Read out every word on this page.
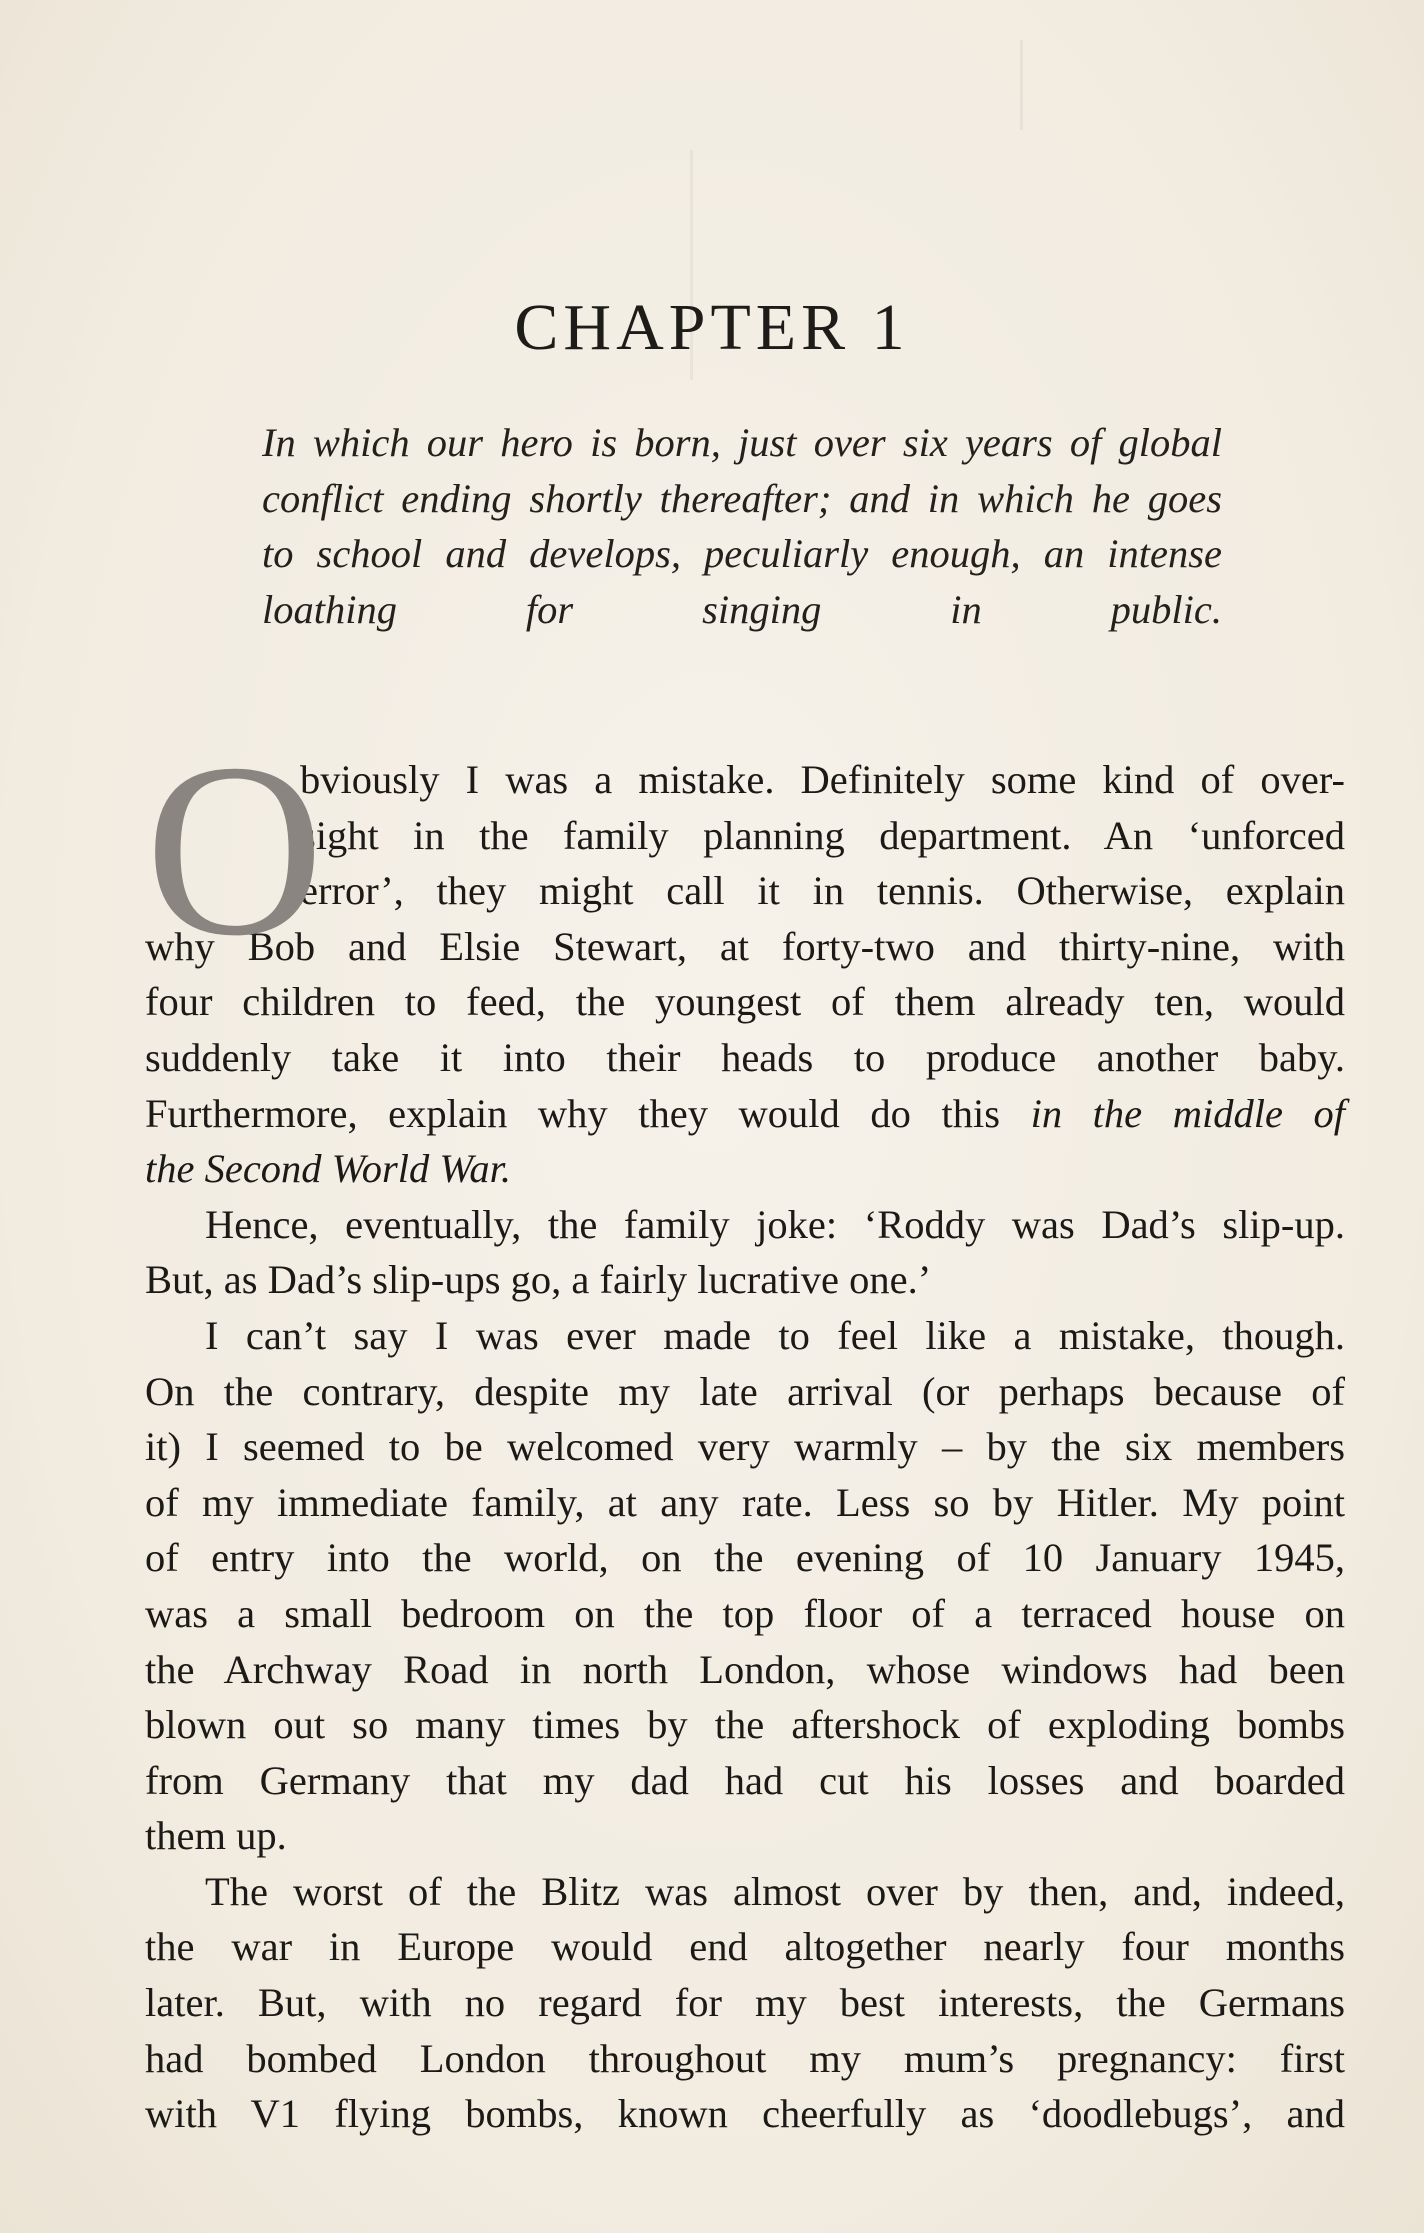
CHAPTER 1
In which our hero is born, just over six years of global
conflict ending shortly thereafter; and in which he goes
to school and develops, peculiarly enough, an intense
loathing for singing in public.
O
bviously I was a mistake. Definitely some kind of over-
sight in the family planning department. An ‘unforced
error’, they might call it in tennis. Otherwise, explain
why Bob and Elsie Stewart, at forty-two and thirty-nine, with
four children to feed, the youngest of them already ten, would
suddenly take it into their heads to produce another baby.
Furthermore, explain why they would do this in the middle of
the Second World War.
Hence, eventually, the family joke: ‘Roddy was Dad’s slip-up.
But, as Dad’s slip-ups go, a fairly lucrative one.’
I can’t say I was ever made to feel like a mistake, though.
On the contrary, despite my late arrival (or perhaps because of
it) I seemed to be welcomed very warmly – by the six members
of my immediate family, at any rate. Less so by Hitler. My point
of entry into the world, on the evening of 10 January 1945,
was a small bedroom on the top floor of a terraced house on
the Archway Road in north London, whose windows had been
blown out so many times by the aftershock of exploding bombs
from Germany that my dad had cut his losses and boarded
them up.
The worst of the Blitz was almost over by then, and, indeed,
the war in Europe would end altogether nearly four months
later. But, with no regard for my best interests, the Germans
had bombed London throughout my mum’s pregnancy: first
with V1 flying bombs, known cheerfully as ‘doodlebugs’, and
